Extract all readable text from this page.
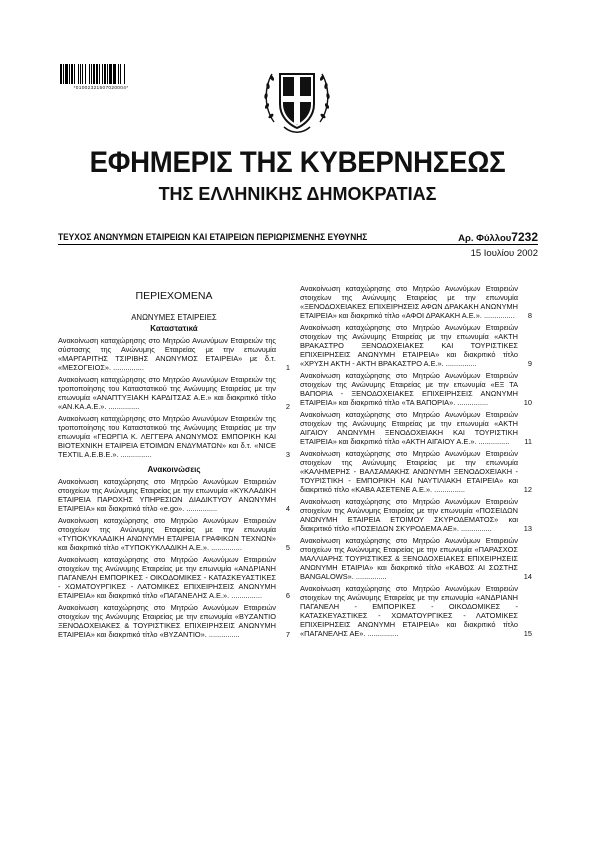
*01002321507020004*
ΕΦΗΜΕΡΙΣ ΤΗΣ ΚΥΒΕΡΝΗΣΕΩΣ
ΤΗΣ ΕΛΛΗΝΙΚΗΣ ΔΗΜΟΚΡΑΤΙΑΣ
ΤΕΥΧΟΣ ΑΝΩΝΥΜΩΝ ΕΤΑΙΡΕΙΩΝ ΚΑΙ ΕΤΑΙΡΕΙΩΝ ΠΕΡΙΩΡΙΣΜΕΝΗΣ ΕΥΘΥΝΗΣ	Αρ. Φύλλου7232
15 Ιουλίου 2002
ΠΕΡΙΕΧΟΜΕΝΑ
ΑΝΩΝΥΜΕΣ ΕΤΑΙΡΕΙΕΣ
Καταστατικά
Ανακοίνωση καταχώρησης στο Μητρώο Ανωνύμων Εταιρειών της σύστασης της Ανώνυμης Εταιρείας με την επωνυμία «ΜΑΡΓΑΡΙΤΗΣ ΤΣΙΡΙΒΗΣ ΑΝΩΝΥΜΟΣ ΕΤΑΙΡΕΙΑ» με δ.τ. «ΜΕΣΟΓΕΙΟΣ». ...............	1
Ανακοίνωση καταχώρησης στο Μητρώο Ανωνύμων Εταιρειών της τροποποίησης του Καταστατικού της Ανώνυμης Εταιρείας με την επωνυμία «ΑΝΑΠΤΥΞΙΑΚΗ ΚΑΡΔΙΤΣΑΣ Α.Ε.» και διακριτικό τίτλο «ΑΝ.ΚΑ.Α.Ε.». ...............	2
Ανακοίνωση καταχώρησης στο Μητρώο Ανωνύμων Εταιρειών της τροποποίησης του Καταστατικού της Ανώνυμης Εταιρείας με την επωνυμία «ΓΕΩΡΓΙΑ Κ. ΛΕΓΓΕΡΑ ΑΝΩΝΥΜΟΣ ΕΜΠΟΡΙΚΗ ΚΑΙ ΒΙΟΤΕΧΝΙΚΗ ΕΤΑΙΡΕΙΑ ΕΤΟΙΜΩΝ ΕΝΔΥΜΑΤΩΝ» και δ.τ. «NICE TEXTIL A.E.B.E.». ...............	3
Ανακοινώσεις
Ανακοίνωση καταχώρησης στο Μητρώο Ανωνύμων Εταιρειών στοιχείων της Ανώνυμης Εταιρείας με την επωνυμία «ΚΥΚΛΑΔΙΚΗ ΕΤΑΙΡΕΙΑ ΠΑΡΟΧΗΣ ΥΠΗΡΕΣΙΩΝ ΔΙΑΔΙΚΤΥΟΥ ΑΝΩΝΥΜΗ ΕΤΑΙΡΕΙΑ» και διακριτικό τίτλο «e.go». ...............	4
Ανακοίνωση καταχώρησης στο Μητρώο Ανωνύμων Εταιρειών στοιχείων της Ανώνυμης Εταιρείας με την επωνυμία «ΤΥΠΟΚΥΚΛΑΔΙΚΗ ΑΝΩΝΥΜΗ ΕΤΑΙΡΕΙΑ ΓΡΑΦΙΚΩΝ ΤΕΧΝΩΝ» και διακριτικό τίτλο «ΤΥΠΟΚΥΚΛΑΔΙΚΗ Α.Ε.». ...............	5
Ανακοίνωση καταχώρησης στο Μητρώο Ανωνύμων Εταιρειών στοιχείων της Ανώνυμης Εταιρείας με την επωνυμία «ΑΝΔΡΙΑΝΗ ΠΑΓΑΝΕΛΗ ΕΜΠΟΡΙΚΕΣ - ΟΙΚΟΔΟΜΙΚΕΣ - ΚΑΤΑΣΚΕΥΑΣΤΙΚΕΣ - ΧΩΜΑΤΟΥΡΓΙΚΕΣ - ΛΑΤΟΜΙΚΕΣ ΕΠΙΧΕΙΡΗΣΕΙΣ ΑΝΩΝΥΜΗ ΕΤΑΙΡΕΙΑ» και διακριτικό τίτλο «ΠΑΓΑΝΕΛΗΣ Α.Ε.». ...............	6
Ανακοίνωση καταχώρησης στο Μητρώο Ανωνύμων Εταιρειών στοιχείων της Ανώνυμης Εταιρείας με την επωνυμία «ΒΥΖΑΝΤΙΟ ΞΕΝΟΔΟΧΕΙΑΚΕΣ & ΤΟΥΡΙΣΤΙΚΕΣ ΕΠΙΧΕΙΡΗΣΕΙΣ ΑΝΩΝΥΜΗ ΕΤΑΙΡΕΙΑ» και διακριτικό τίτλο «ΒΥΖΑΝΤΙΟ». ...............	7
Ανακοίνωση καταχώρησης στο Μητρώο Ανωνύμων Εταιρειών στοιχείων της Ανώνυμης Εταιρείας με την επωνυμία «ΞΕΝΟΔΟΧΕΙΑΚΕΣ ΕΠΙΧΕΙΡΗΣΕΙΣ ΑΦΩΝ ΔΡΑΚΑΚΗ ΑΝΩΝΥΜΗ ΕΤΑΙΡΕΙΑ» και διακριτικό τίτλο «ΑΦΟΙ ΔΡΑΚΑΚΗ Α.Ε.». ............... 8
Ανακοίνωση καταχώρησης στο Μητρώο Ανωνύμων Εταιρειών στοιχείων της Ανώνυμης Εταιρείας με την επωνυμία «ΑΚΤΗ ΒΡΑΚΑΣΤΡΟ ΞΕΝΟΔΟΧΕΙΑΚΕΣ ΚΑΙ ΤΟΥΡΙΣΤΙΚΕΣ ΕΠΙΧΕΙΡΗΣΕΙΣ ΑΝΩΝΥΜΗ ΕΤΑΙΡΕΙΑ» και διακριτικό τίτλο «ΧΡΥΣΗ ΑΚΤΗ - ΑΚΤΗ ΒΡΑΚΑΣΤΡΟ Α.Ε.». ...............	9
Ανακοίνωση καταχώρησης στο Μητρώο Ανωνύμων Εταιρειών στοιχείων της Ανώνυμης Εταιρείας με την επωνυμία «ΕΞ ΤΑ ΒΑΠΟΡΙΑ - ΞΕΝΟΔΟΧΕΙΑΚΕΣ ΕΠΙΧΕΙΡΗΣΕΙΣ ΑΝΩΝΥΜΗ ΕΤΑΙΡΕΙΑ» και διακριτικό τίτλο «ΤΑ ΒΑΠΟΡΙΑ». ...............	10
Ανακοίνωση καταχώρησης στο Μητρώο Ανωνύμων Εταιρειών στοιχείων της Ανώνυμης Εταιρείας με την επωνυμία «ΑΚΤΗ ΑΙΓΑΙΟΥ ΑΝΩΝΥΜΗ ΞΕΝΟΔΟΧΕΙΑΚΗ ΚΑΙ ΤΟΥΡΙΣΤΙΚΗ ΕΤΑΙΡΕΙΑ» και διακριτικό τίτλο «ΑΚΤΗ ΑΙΓΑΙΟΥ Α.Ε.». ............... 11
Ανακοίνωση καταχώρησης στο Μητρώο Ανωνύμων Εταιρειών στοιχείων της Ανώνυμης Εταιρείας με την επωνυμία «ΚΑΛΗΜΕΡΗΣ - ΒΑΛΣΑΜΑΚΗΣ ΑΝΩΝΥΜΗ ΞΕΝΟΔΟΧΕΙΑΚΗ - ΤΟΥΡΙΣΤΙΚΗ - ΕΜΠΟΡΙΚΗ ΚΑΙ ΝΑΥΤΙΛΙΑΚΗ ΕΤΑΙΡΕΙΑ» και διακριτικό τίτλο «ΚΑΒΑ ΑΣΕΤΕΝΕ Α.Ε.». ...............	12
Ανακοίνωση καταχώρησης στο Μητρώο Ανωνύμων Εταιρειών στοιχείων της Ανώνυμης Εταιρείας με την επωνυμία «ΠΟΣΕΙΔΩΝ ΑΝΩΝΥΜΗ ΕΤΑΙΡΕΙΑ ΕΤΟΙΜΟΥ ΣΚΥΡΟΔΕΜΑΤΟΣ» και διακριτικό τίτλο «ΠΟΣΕΙΔΩΝ ΣΚΥΡΟΔΕΜΑ ΑΕ». ...............	13
Ανακοίνωση καταχώρησης στο Μητρώο Ανωνύμων Εταιρειών στοιχείων της Ανώνυμης Εταιρείας με την επωνυμία «ΠΑΡΑΣΧΟΣ ΜΑΛΛΙΑΡΗΣ ΤΟΥΡΙΣΤΙΚΕΣ & ΞΕΝΟΔΟΧΕΙΑΚΕΣ ΕΠΙΧΕΙΡΗΣΕΙΣ ΑΝΩΝΥΜΗ ΕΤΑΙΡΙΑ» και διακριτικό τίτλο «ΚΑΒΟΣ ΑΙ ΣΩΣΤΗΣ BANGALOWS». ...............	14
Ανακοίνωση καταχώρησης στο Μητρώο Ανωνύμων Εταιρειών στοιχείων της Ανώνυμης Εταιρείας με την επωνυμία «ΑΝΔΡΙΑΝΗ ΠΑΓΑΝΕΛΗ - ΕΜΠΟΡΙΚΕΣ - ΟΙΚΟΔΟΜΙΚΕΣ - ΚΑΤΑΣΚΕΥΑΣΤΙΚΕΣ - ΧΩΜΑΤΟΥΡΓΙΚΕΣ - ΛΑΤΟΜΙΚΕΣ ΕΠΙΧΕΙΡΗΣΕΙΣ ΑΝΩΝΥΜΗ ΕΤΑΙΡΕΙΑ» και διακριτικό τίτλο «ΠΑΓΑΝΕΛΗΣ ΑΕ». ...............	15
